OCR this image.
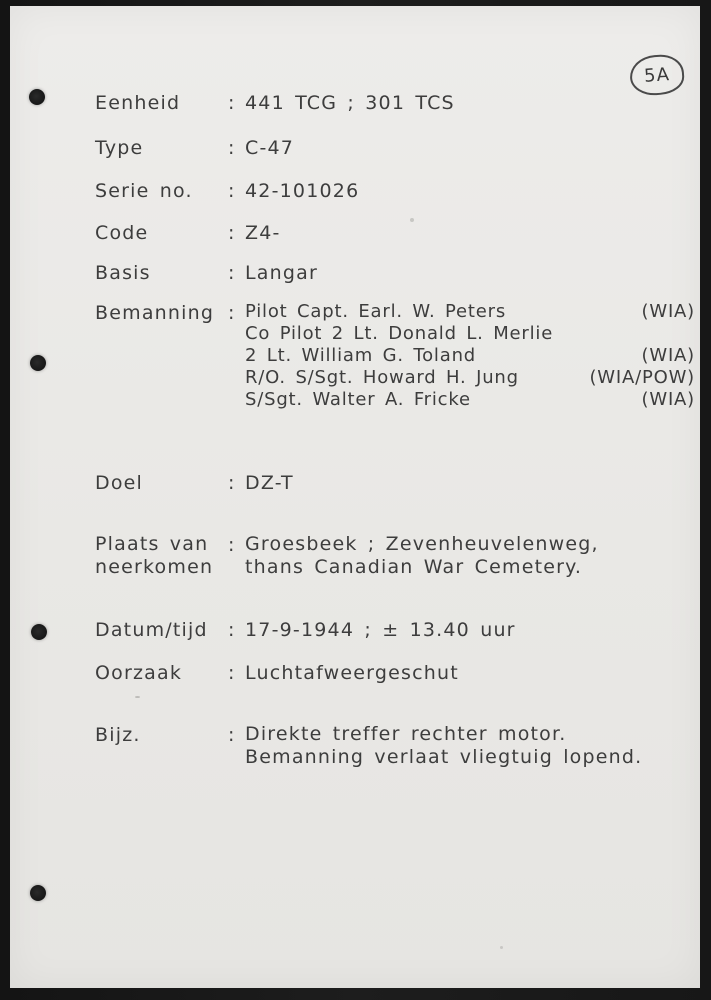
5A
Eenheid	: 441 TCG ; 301 TCS
Type	: C-47
Serie no.	: 42-101026
Code	: Z4-
Basis	: Langar
Bemanning : Pilot Capt. Earl. W. Peters	(WIA)
Co Pilot 2 Lt. Donald L. Merlie
2 Lt. William G. Toland	(WIA)
R/O. S/Sgt. Howard H. Jung	(WIA/POW)
S/Sgt. Walter A. Fricke	(WIA)
Doel	: DZ-T
Plaats van
neerkomen
: Groesbeek ; Zevenheuvelenweg,
thans Canadian War Cemetery.
Datum/tijd	: 17-9-1944 ; ± 13.40 uur
Oorzaak	: Luchtafweergeschut
Bijz.	: Direkte treffer rechter motor.
Bemanning verlaat vliegtuig lopend.
